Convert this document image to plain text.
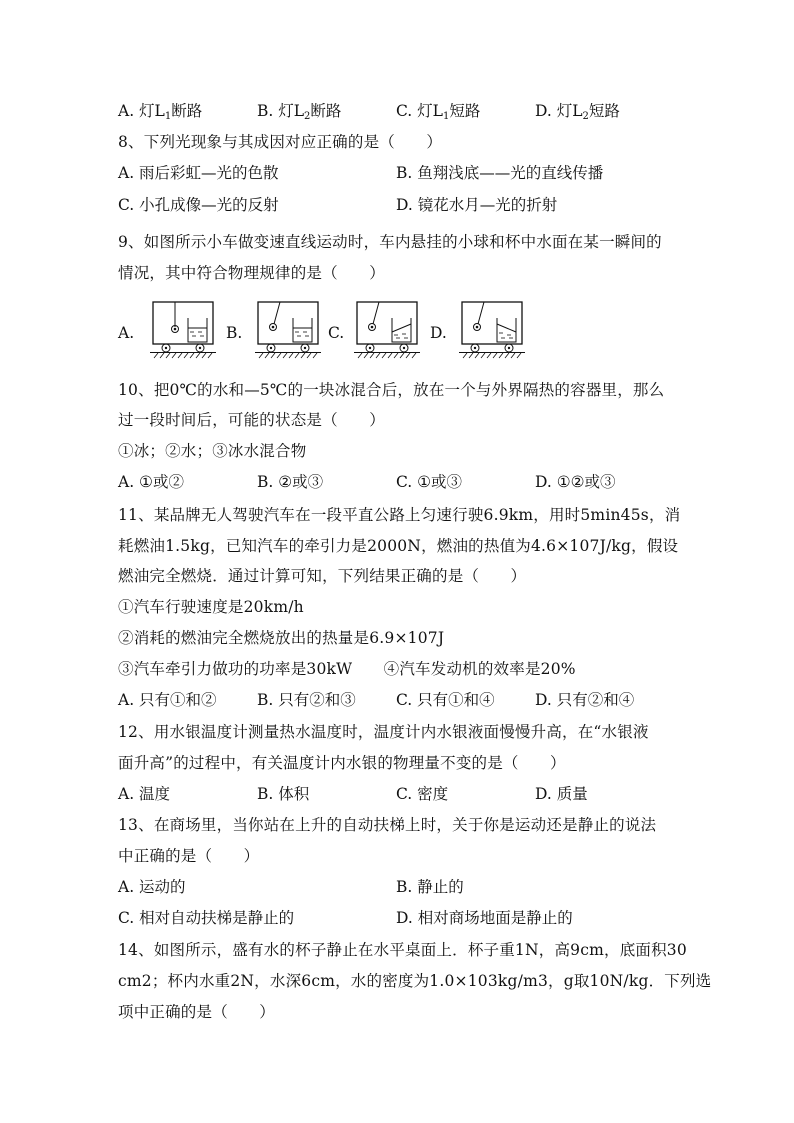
A. 灯$L_1$断路	B. 灯$L_2$断路	C. 灯$L_1$短路	D. 灯$L_2$短路
8、下列光现象与其成因对应正确的是（　　）
A. 雨后彩虹—光的色散	B. 鱼翔浅底——光的直线传播
C. 小孔成像—光的反射	D. 镜花水月—光的折射
9、如图所示小车做变速直线运动时，车内悬挂的小球和杯中水面在某一瞬间的
情况，其中符合物理规律的是（　　）
A.	B.	C.	D.
10、把0℃的水和—5℃的一块冰混合后，放在一个与外界隔热的容器里，那么
过一段时间后，可能的状态是（　　）
①冰；②水；③冰水混合物
A. ①或②	B. ②或③	C. ①或③	D. ①②或③
11、某品牌无人驾驶汽车在一段平直公路上匀速行驶6.9km，用时5min45s，消
耗燃油1.5kg，已知汽车的牵引力是2000N，燃油的热值为4.6×107J/kg，假设
燃油完全燃烧．通过计算可知，下列结果正确的是（　　）
①汽车行驶速度是20km/h
②消耗的燃油完全燃烧放出的热量是6.9×107J
③汽车牵引力做功的功率是30kW　　④汽车发动机的效率是20%
A. 只有①和②	B. 只有②和③	C. 只有①和④	D. 只有②和④
12、用水银温度计测量热水温度时，温度计内水银液面慢慢升高，在“水银液
面升高”的过程中，有关温度计内水银的物理量不变的是（　　）
A. 温度	B. 体积	C. 密度	D. 质量
13、在商场里，当你站在上升的自动扶梯上时，关于你是运动还是静止的说法
中正确的是（　　）
A. 运动的	B. 静止的
C. 相对自动扶梯是静止的	D. 相对商场地面是静止的
14、如图所示，盛有水的杯子静止在水平桌面上．杯子重1N，高9cm，底面积30
cm2；杯内水重2N，水深6cm，水的密度为1.0×103kg/m3，g取10N/kg．下列选
项中正确的是（　　）
